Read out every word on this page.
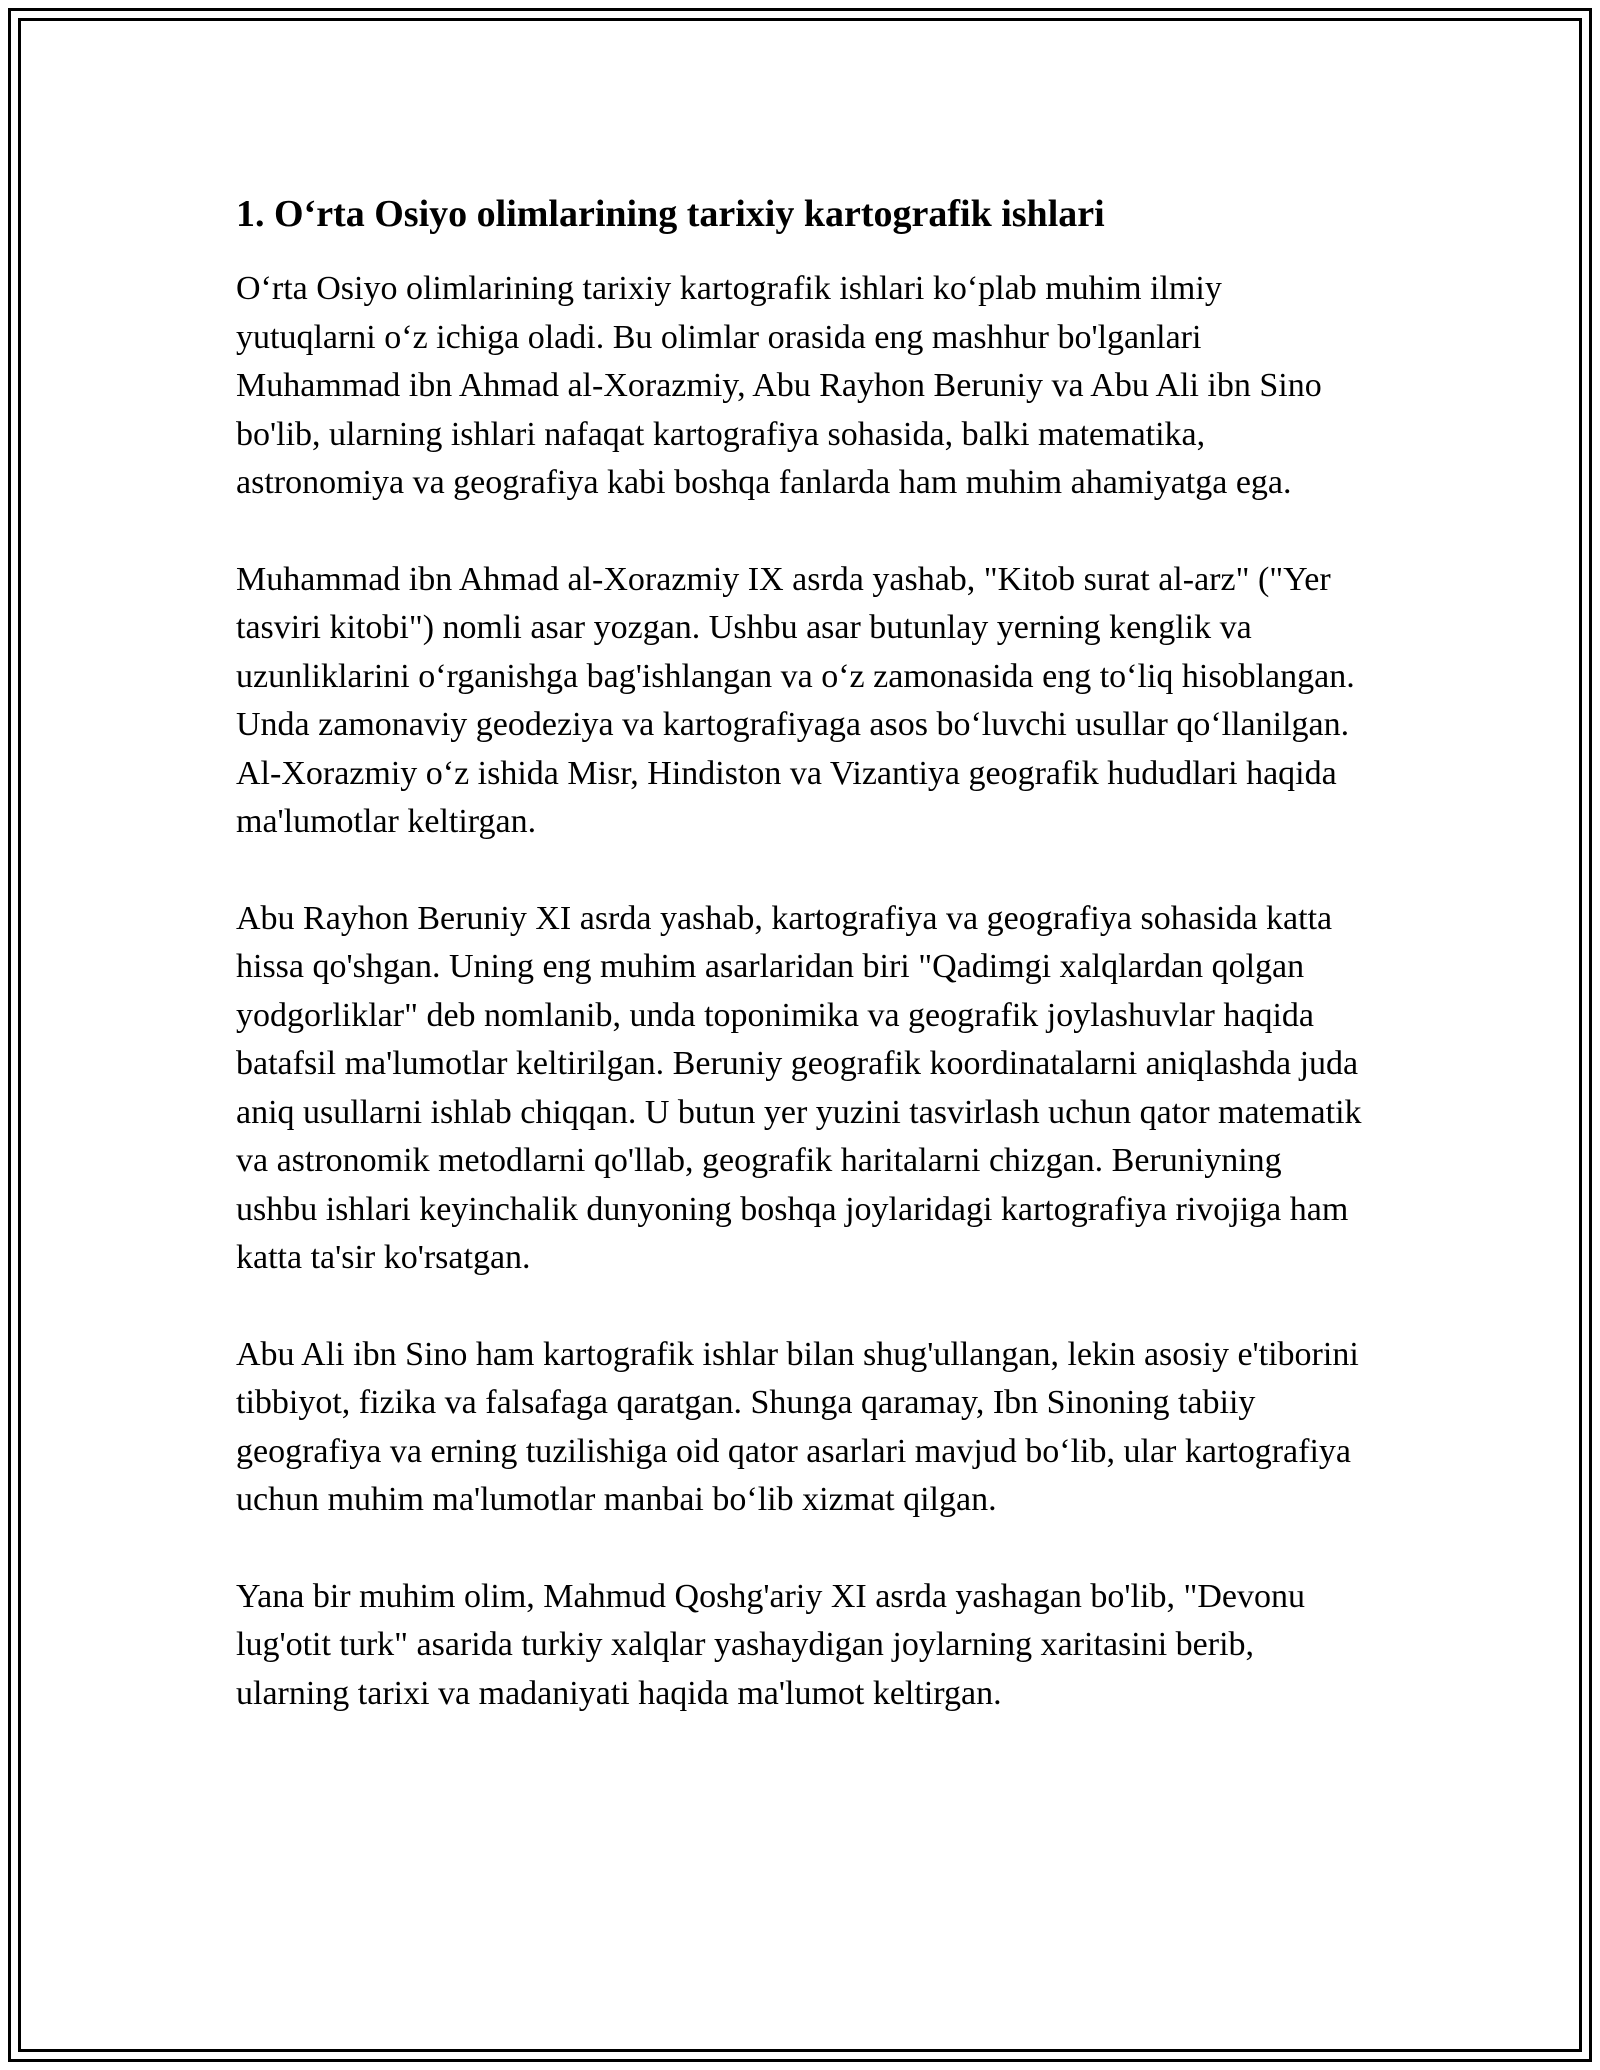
1. O‘rta Osiyo olimlarining tarixiy kartografik ishlari

O‘rta Osiyo olimlarining tarixiy kartografik ishlari ko‘plab muhim ilmiy yutuqlarni o‘z ichiga oladi. Bu olimlar orasida eng mashhur bo'lganlari Muhammad ibn Ahmad al-Xorazmiy, Abu Rayhon Beruniy va Abu Ali ibn Sino bo'lib, ularning ishlari nafaqat kartografiya sohasida, balki matematika, astronomiya va geografiya kabi boshqa fanlarda ham muhim ahamiyatga ega.

Muhammad ibn Ahmad al-Xorazmiy IX asrda yashab, "Kitob surat al-arz" ("Yer tasviri kitobi") nomli asar yozgan. Ushbu asar butunlay yerning kenglik va uzunliklarini o‘rganishga bag'ishlangan va o‘z zamonasida eng to‘liq hisoblangan. Unda zamonaviy geodeziya va kartografiyaga asos bo‘luvchi usullar qo‘llanilgan. Al-Xorazmiy o‘z ishida Misr, Hindiston va Vizantiya geografik hududlari haqida ma'lumotlar keltirgan.

Abu Rayhon Beruniy XI asrda yashab, kartografiya va geografiya sohasida katta hissa qo'shgan. Uning eng muhim asarlaridan biri "Qadimgi xalqlardan qolgan yodgorliklar" deb nomlanib, unda toponimika va geografik joylashuvlar haqida batafsil ma'lumotlar keltirilgan. Beruniy geografik koordinatalarni aniqlashda juda aniq usullarni ishlab chiqqan. U butun yer yuzini tasvirlash uchun qator matematik va astronomik metodlarni qo'llab, geografik haritalarni chizgan. Beruniyning ushbu ishlari keyinchalik dunyoning boshqa joylaridagi kartografiya rivojiga ham katta ta'sir ko'rsatgan.

Abu Ali ibn Sino ham kartografik ishlar bilan shug'ullangan, lekin asosiy e'tiborini tibbiyot, fizika va falsafaga qaratgan. Shunga qaramay, Ibn Sinoning tabiiy geografiya va erning tuzilishiga oid qator asarlari mavjud bo‘lib, ular kartografiya uchun muhim ma'lumotlar manbai bo‘lib xizmat qilgan.

Yana bir muhim olim, Mahmud Qoshg'ariy XI asrda yashagan bo'lib, "Devonu lug'otit turk" asarida turkiy xalqlar yashaydigan joylarning xaritasini berib, ularning tarixi va madaniyati haqida ma'lumot keltirgan.
